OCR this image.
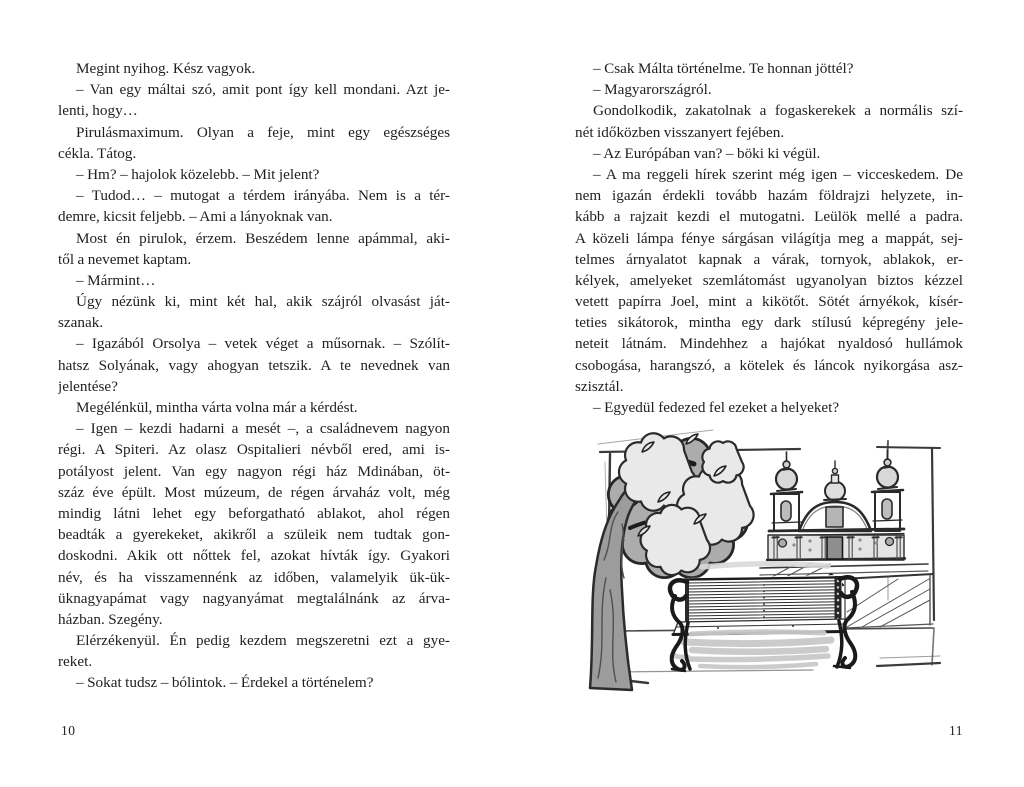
Megint nyihog. Kész vagyok.
– Van egy máltai szó, amit pont így kell mondani. Azt je-
lenti, hogy…
Pirulásmaximum. Olyan a feje, mint egy egészséges
cékla. Tátog.
– Hm? – hajolok közelebb. – Mit jelent?
– Tudod… – mutogat a térdem irányába. Nem is a tér-
demre, kicsit feljebb. – Ami a lányoknak van.
Most én pirulok, érzem. Beszédem lenne apámmal, aki-
től a nevemet kaptam.
– Mármint…
Úgy nézünk ki, mint két hal, akik szájról olvasást ját-
szanak.
– Igazából Orsolya – vetek véget a műsornak. – Szólít-
hatsz Solyának, vagy ahogyan tetszik. A te nevednek van
jelentése?
Megélénkül, mintha várta volna már a kérdést.
– Igen – kezdi hadarni a mesét –, a családnevem nagyon
régi. A Spiteri. Az olasz Ospitalieri névből ered, ami is-
potályost jelent. Van egy nagyon régi ház Mdinában, öt-
száz éve épült. Most múzeum, de régen árvaház volt, még
mindig látni lehet egy beforgatható ablakot, ahol régen
beadták a gyerekeket, akikről a szüleik nem tudtak gon-
doskodni. Akik ott nőttek fel, azokat hívták így. Gyakori
név, és ha visszamennénk az időben, valamelyik ük-ük-
üknagyapámat vagy nagyanyámat megtalálnánk az árva-
házban. Szegény.
Elérzékenyül. Én pedig kezdem megszeretni ezt a gye-
reket.
– Sokat tudsz – bólintok. – Érdekel a történelem?
– Csak Málta történelme. Te honnan jöttél?
– Magyarországról.
Gondolkodik, zakatolnak a fogaskerekek a normális szí-
nét időközben visszanyert fejében.
– Az Európában van? – böki ki végül.
– A ma reggeli hírek szerint még igen – vicceskedem. De
nem igazán érdekli tovább hazám földrajzi helyzete, in-
kább a rajzait kezdi el mutogatni. Leülök mellé a padra.
A közeli lámpa fénye sárgásan világítja meg a mappát, sej-
telmes árnyalatot kapnak a várak, tornyok, ablakok, er-
kélyek, amelyeket szemlátomást ugyanolyan biztos kézzel
vetett papírra Joel, mint a kikötőt. Sötét árnyékok, kísér-
teties sikátorok, mintha egy dark stílusú képregény jele-
neteit látnám. Mindehhez a hajókat nyaldosó hullámok
csobogása, harangszó, a kötelek és láncok nyikorgása asz-
szisztál.
– Egyedül fedezed fel ezeket a helyeket?
10	11
